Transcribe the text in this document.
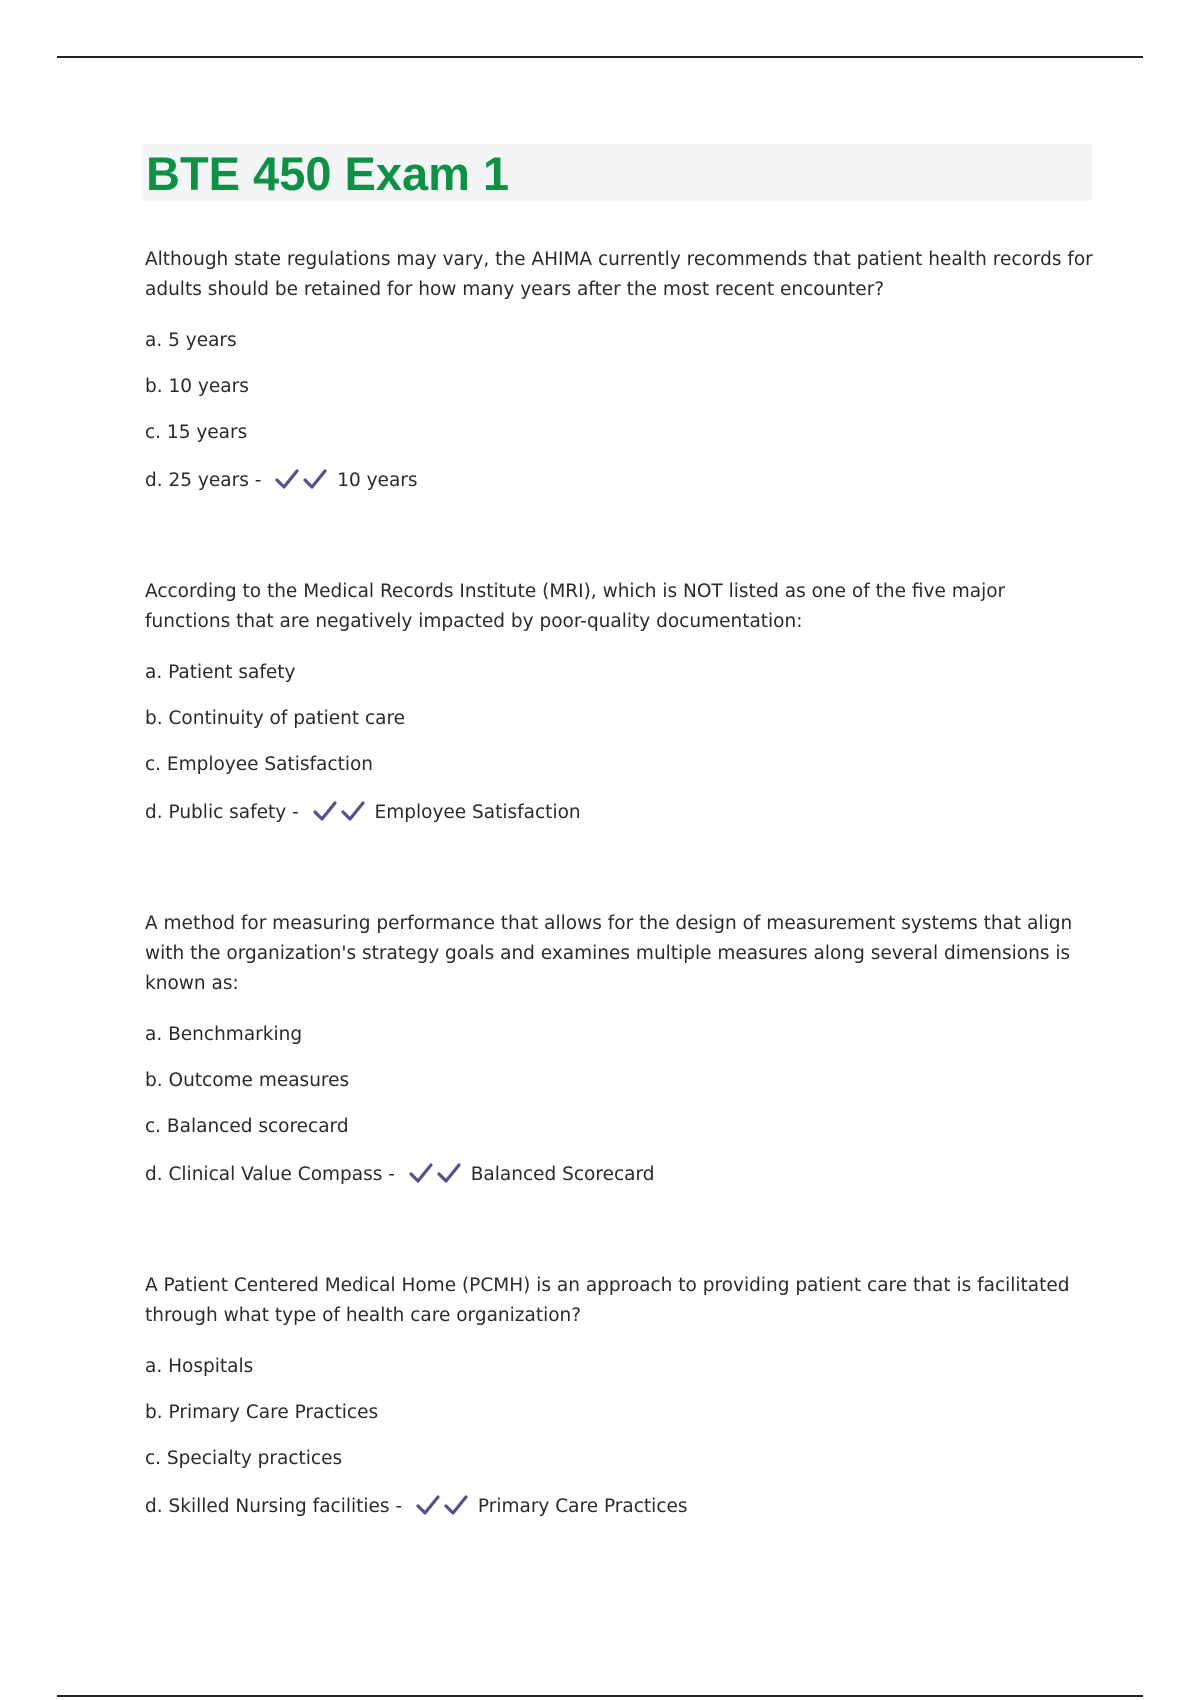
BTE 450 Exam 1

Although state regulations may vary, the AHIMA currently recommends that patient health records for adults should be retained for how many years after the most recent encounter?

a. 5 years

b. 10 years

c. 15 years

d. 25 years -	10 years

According to the Medical Records Institute (MRI), which is NOT listed as one of the five major functions that are negatively impacted by poor-quality documentation:

a. Patient safety

b. Continuity of patient care

c. Employee Satisfaction

d. Public safety -	Employee Satisfaction

A method for measuring performance that allows for the design of measurement systems that align with the organization's strategy goals and examines multiple measures along several dimensions is known as:

a. Benchmarking

b. Outcome measures

c. Balanced scorecard

d. Clinical Value Compass -	Balanced Scorecard

A Patient Centered Medical Home (PCMH) is an approach to providing patient care that is facilitated through what type of health care organization?

a. Hospitals

b. Primary Care Practices

c. Specialty practices

d. Skilled Nursing facilities -	Primary Care Practices
